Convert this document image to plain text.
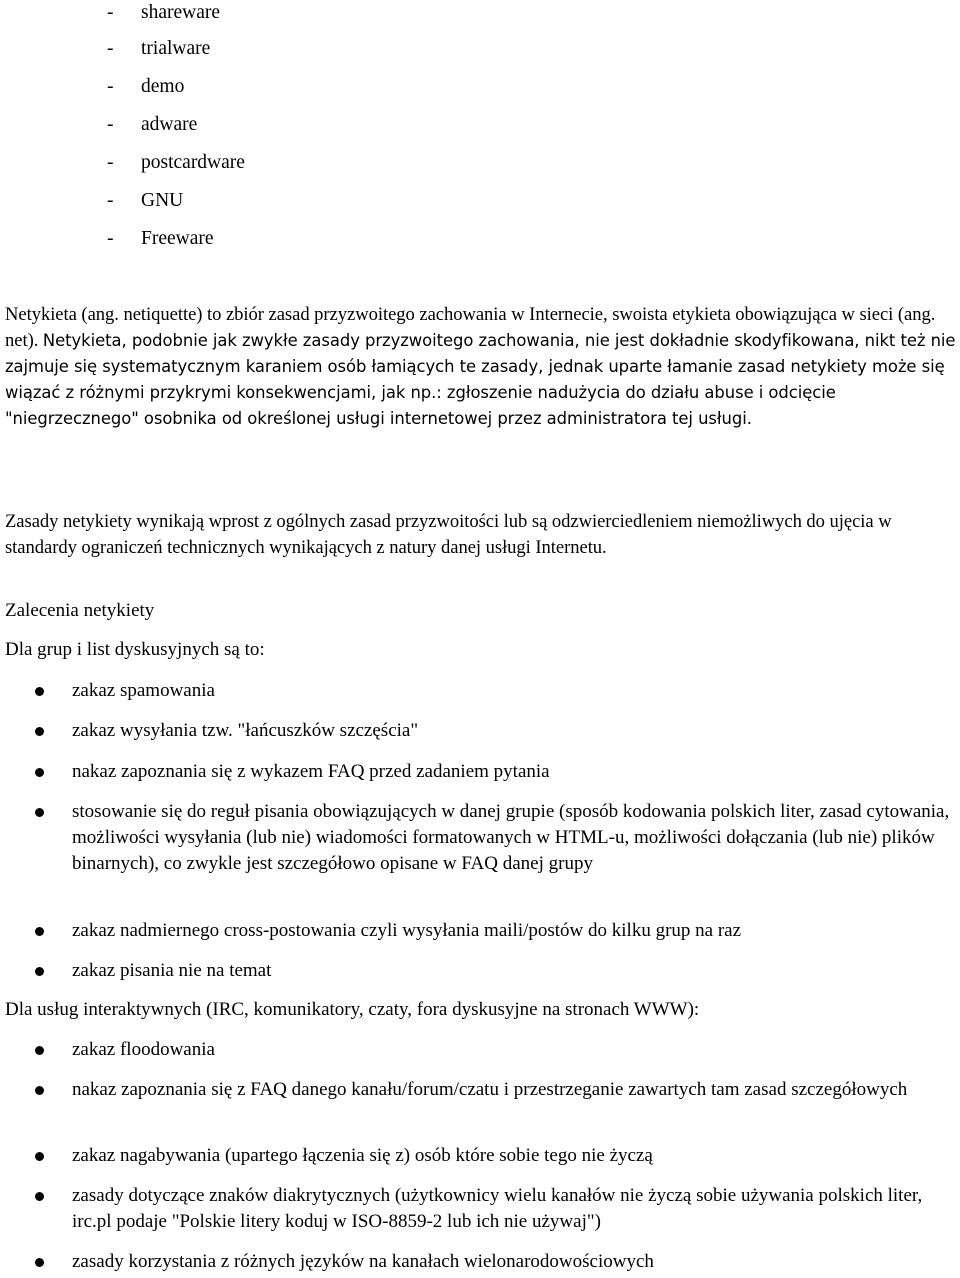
- shareware
- trialware
- demo
- adware
- postcardware
- GNU
- Freeware

Netykieta (ang. netiquette) to zbiór zasad przyzwoitego zachowania w Internecie, swoista etykieta obowiązująca w sieci (ang. net). Netykieta, podobnie jak zwykłe zasady przyzwoitego zachowania, nie jest dokładnie skodyfikowana, nikt też nie zajmuje się systematycznym karaniem osób łamiących te zasady, jednak uparte łamanie zasad netykiety może się wiązać z różnymi przykrymi konsekwencjami, jak np.: zgłoszenie nadużycia do działu abuse i odcięcie "niegrzecznego" osobnika od określonej usługi internetowej przez administratora tej usługi.

Zasady netykiety wynikają wprost z ogólnych zasad przyzwoitości lub są odzwierciedleniem niemożliwych do ujęcia w standardy ograniczeń technicznych wynikających z natury danej usługi Internetu.

Zalecenia netykiety

Dla grup i list dyskusyjnych są to:

zakaz spamowania

zakaz wysyłania tzw. "łańcuszków szczęścia"

nakaz zapoznania się z wykazem FAQ przed zadaniem pytania

stosowanie się do reguł pisania obowiązujących w danej grupie (sposób kodowania polskich liter, zasad cytowania, możliwości wysyłania (lub nie) wiadomości formatowanych w HTML-u, możliwości dołączania (lub nie) plików binarnych), co zwykle jest szczegółowo opisane w FAQ danej grupy

zakaz nadmiernego cross-postowania czyli wysyłania maili/postów do kilku grup na raz

zakaz pisania nie na temat

Dla usług interaktywnych (IRC, komunikatory, czaty, fora dyskusyjne na stronach WWW):

zakaz floodowania

nakaz zapoznania się z FAQ danego kanału/forum/czatu i przestrzeganie zawartych tam zasad szczegółowych

zakaz nagabywania (upartego łączenia się z) osób które sobie tego nie życzą

zasady dotyczące znaków diakrytycznych (użytkownicy wielu kanałów nie życzą sobie używania polskich liter, irc.pl podaje "Polskie litery koduj w ISO-8859-2 lub ich nie używaj")

zasady korzystania z różnych języków na kanałach wielonarodowościowych
